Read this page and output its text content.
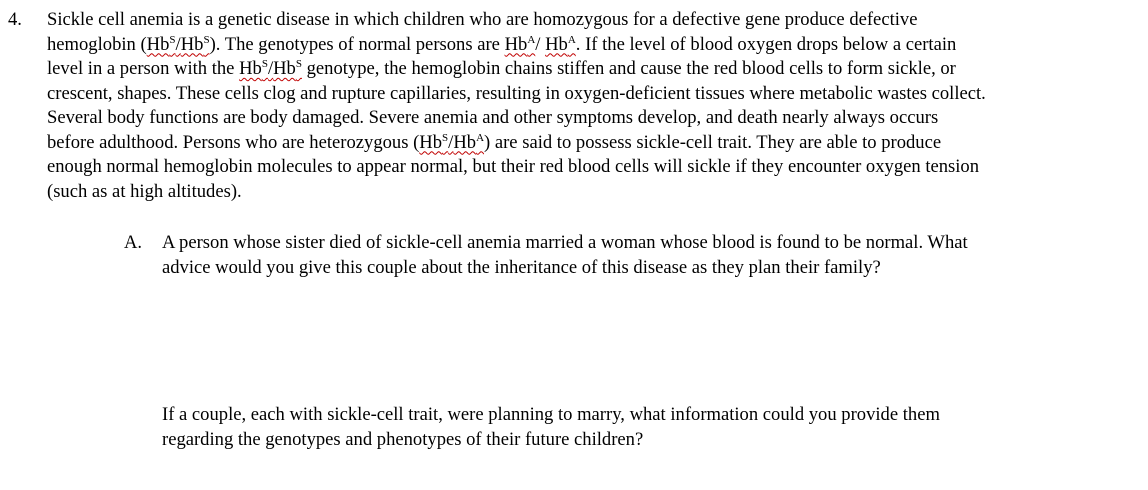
4. Sickle cell anemia is a genetic disease in which children who are homozygous for a defective gene produce defective
hemoglobin $(Hb^S/Hb^S)$. The genotypes of normal persons are $Hb^A/$ $Hb^A$. If the level of blood oxygen drops below a certain
level in a person with the $Hb^S/Hb^S$ genotype, the hemoglobin chains stiffen and cause the red blood cells to form sickle, or
crescent, shapes. These cells clog and rupture capillaries, resulting in oxygen-deficient tissues where metabolic wastes collect.
Several body functions are body damaged. Severe anemia and other symptoms develop, and death nearly always occurs
before adulthood. Persons who are heterozygous $(Hb^S/Hb^A)$ are said to possess sickle-cell trait. They are able to produce
enough normal hemoglobin molecules to appear normal, but their red blood cells will sickle if they encounter oxygen tension
(such as at high altitudes).
A. A person whose sister died of sickle-cell anemia married a woman whose blood is found to be normal. What
advice would you give this couple about the inheritance of this disease as they plan their family?
If a couple, each with sickle-cell trait, were planning to marry, what information could you provide them
regarding the genotypes and phenotypes of their future children?
